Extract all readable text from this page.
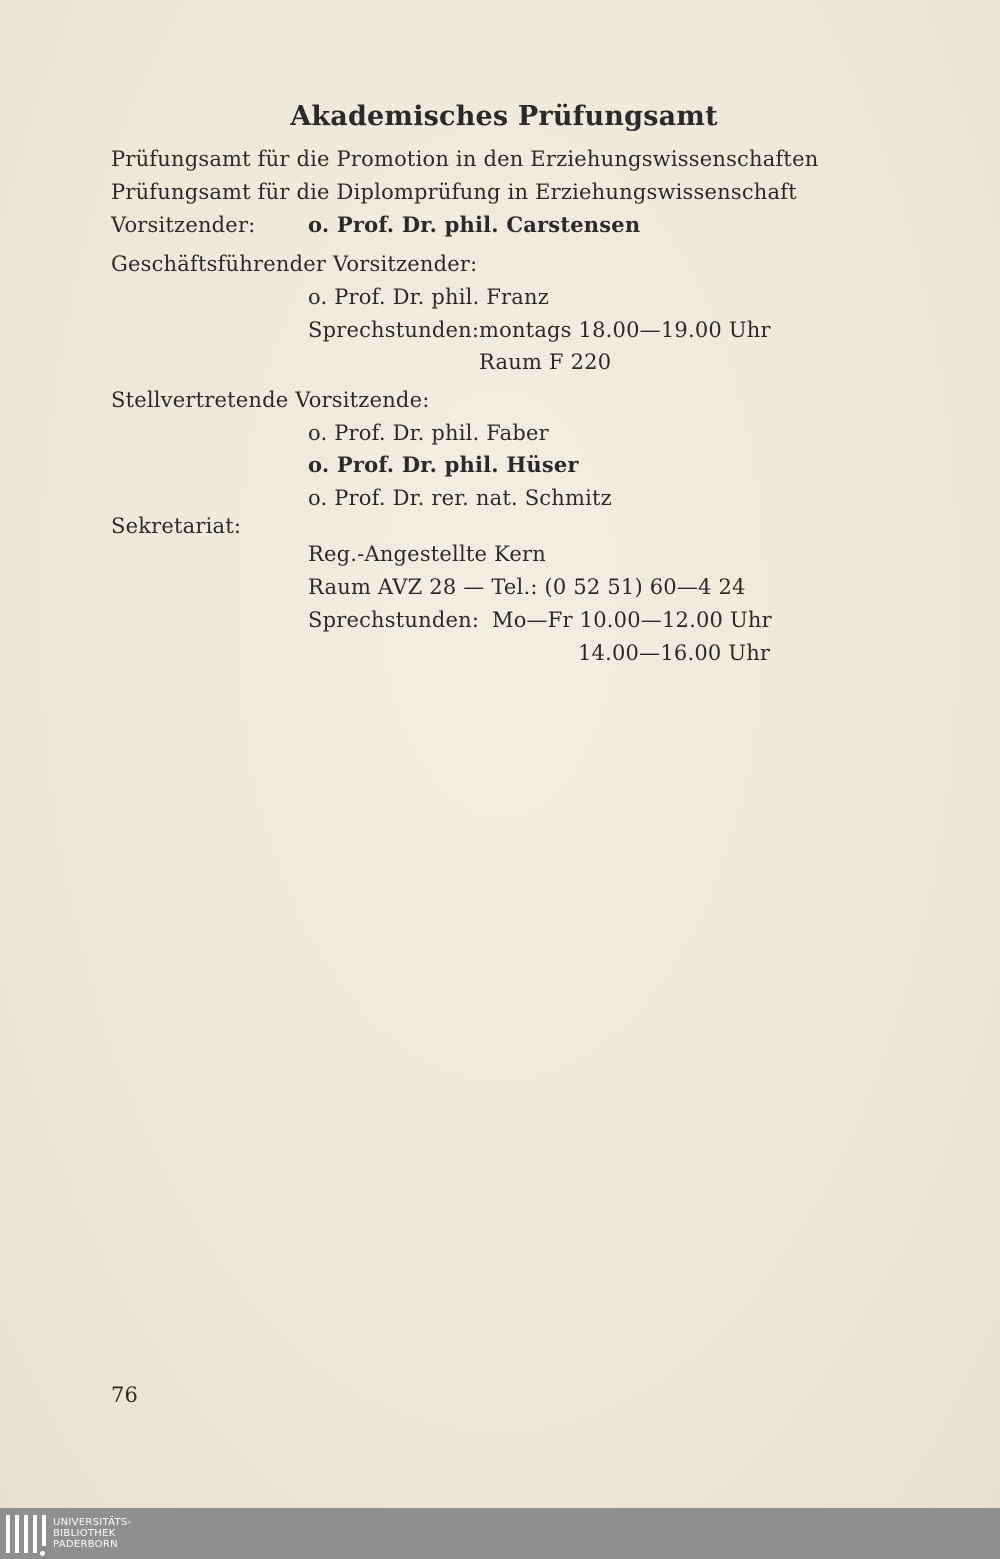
Akademisches Prüfungsamt
Prüfungsamt für die Promotion in den Erziehungswissenschaften
Prüfungsamt für die Diplomprüfung in Erziehungswissenschaft
Vorsitzender:	o. Prof. Dr. phil. Carstensen
Geschäftsführender Vorsitzender:
o. Prof. Dr. phil. Franz
Sprechstunden: montags 18.00—19.00 Uhr
Raum F 220
Stellvertretende Vorsitzende:
o. Prof. Dr. phil. Faber
o. Prof. Dr. phil. Hüser
o. Prof. Dr. rer. nat. Schmitz
Sekretariat:
Reg.-Angestellte Kern
Raum AVZ 28 — Tel.: (0 52 51) 60—4 24
Sprechstunden: Mo—Fr 10.00—12.00 Uhr
14.00—16.00 Uhr
76
UNIVERSITÄTS-
BIBLIOTHEK
PADERBORN
